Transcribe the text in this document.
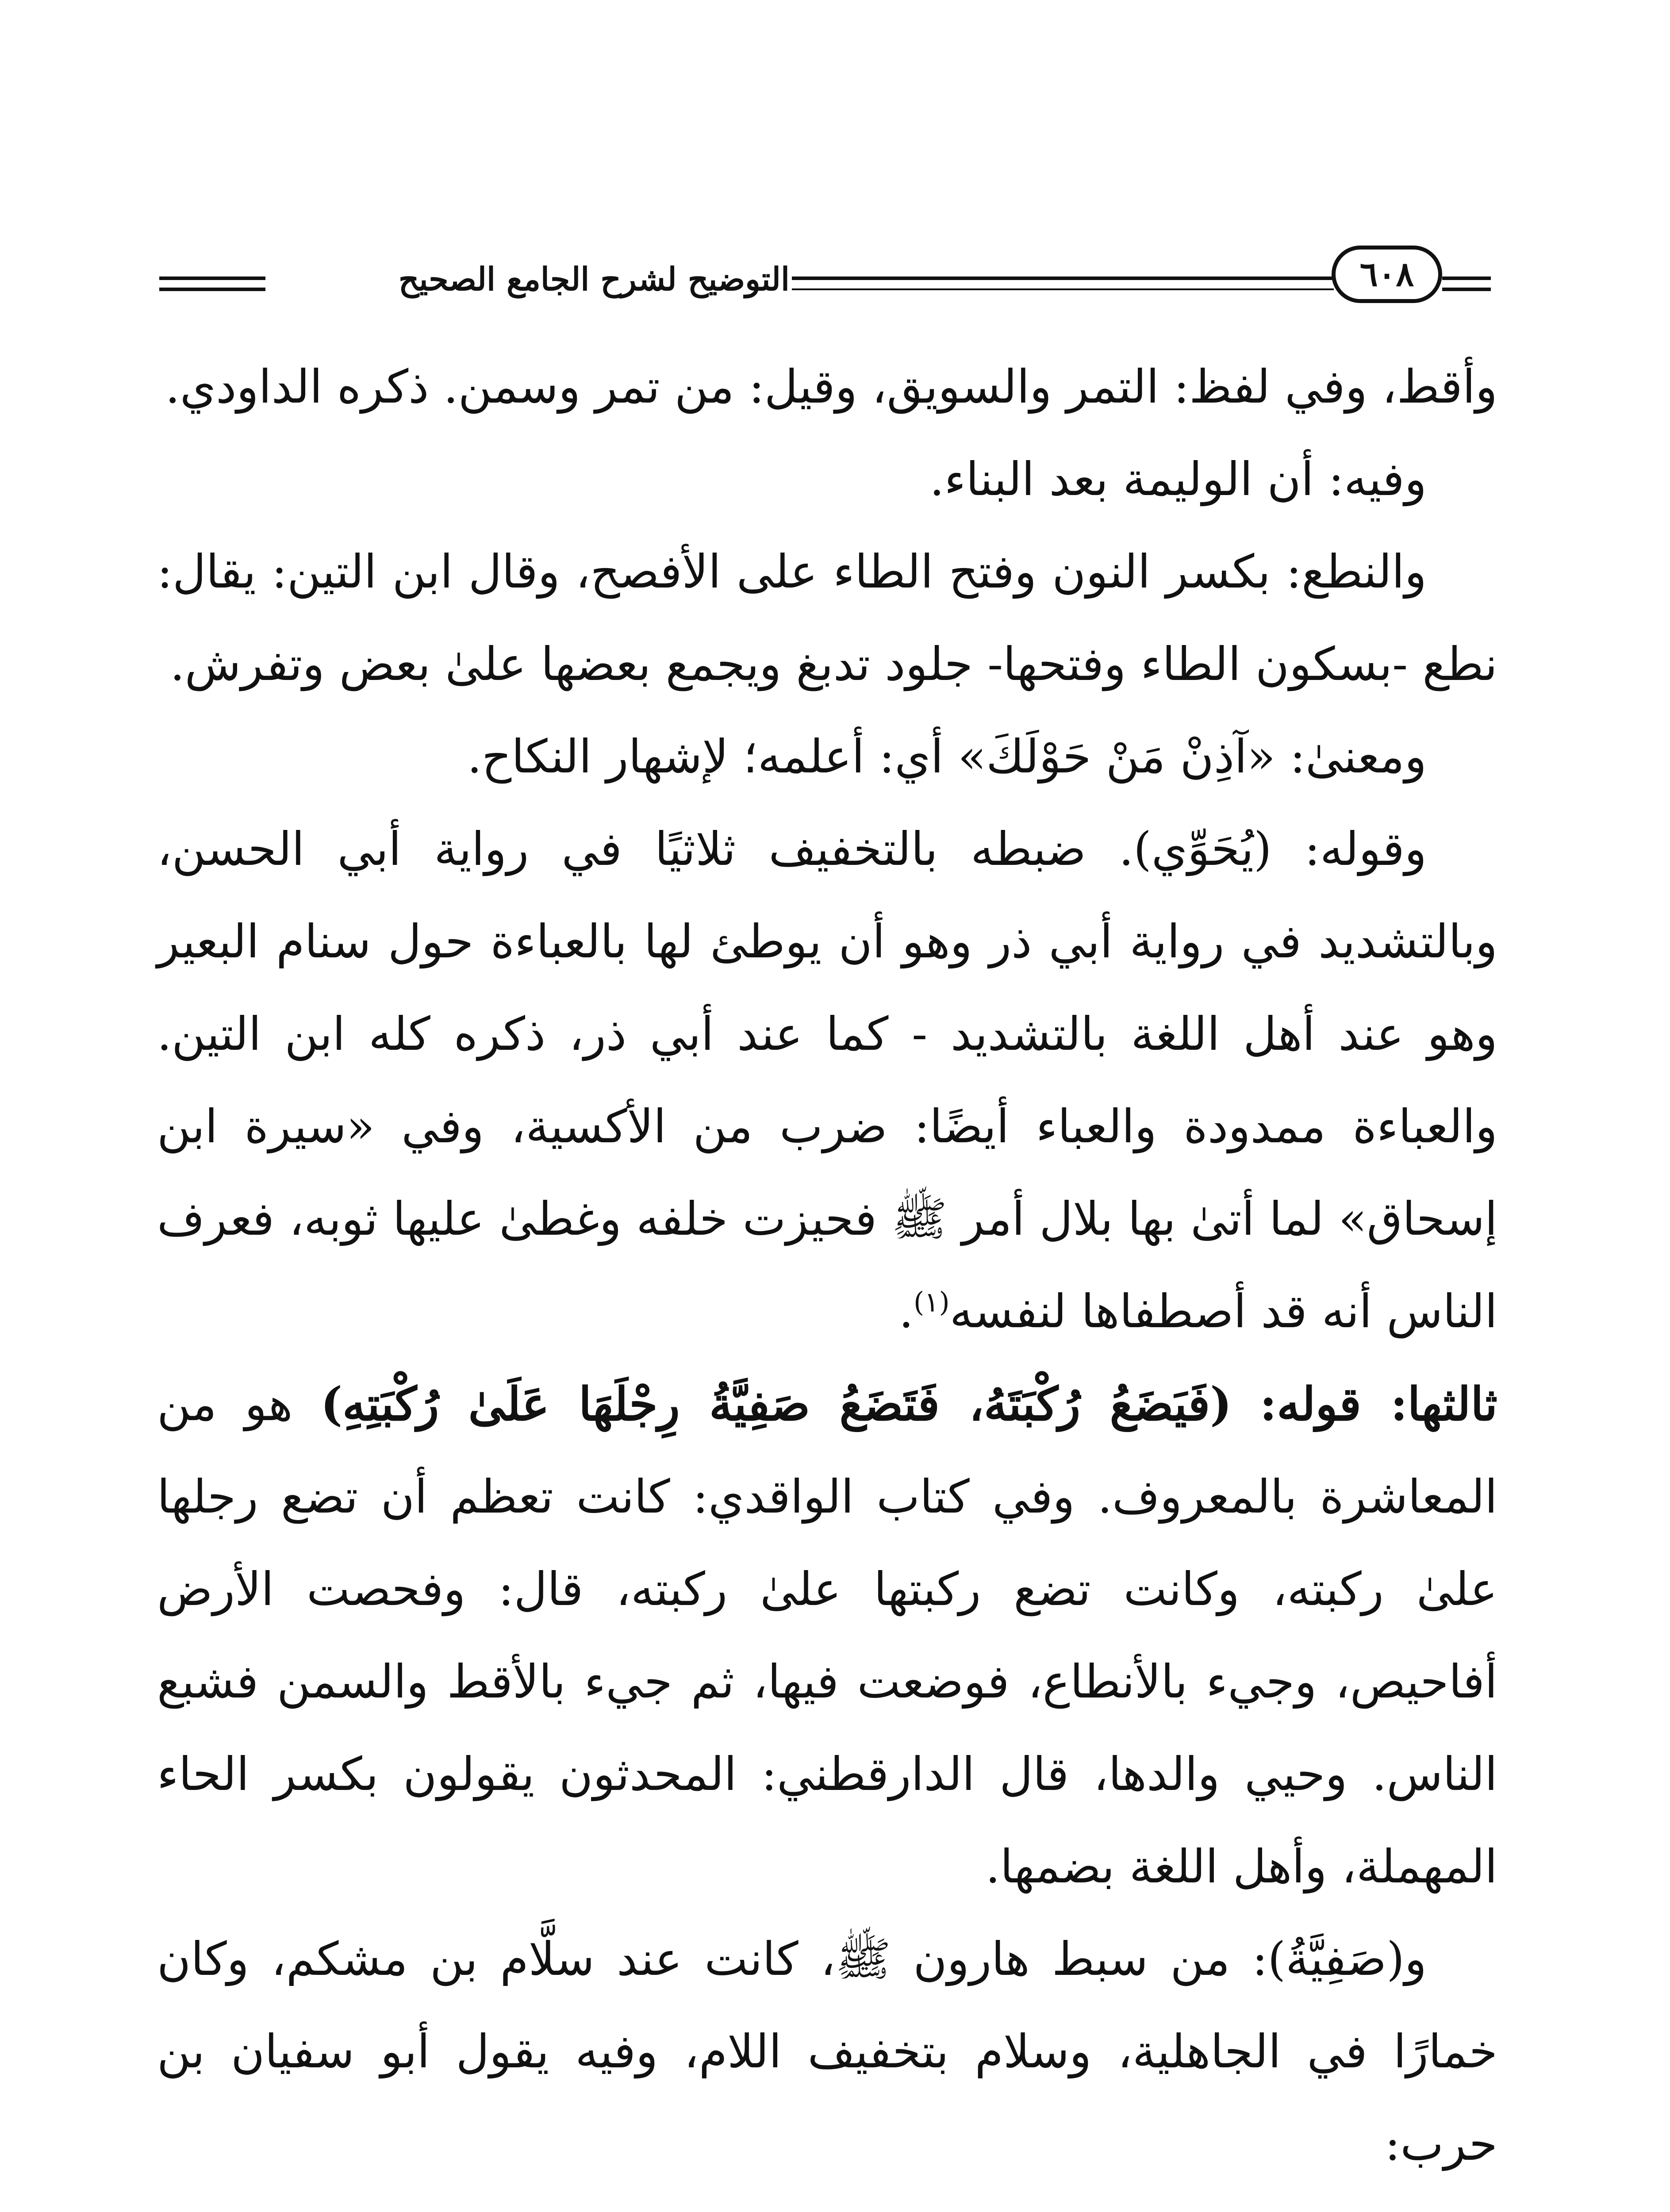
التوضيح لشرح الجامع الصحيح	٦٠٨

وأقط، وفي لفظ: التمر والسويق، وقيل: من تمر وسمن. ذكره الداودي.

وفيه: أن الوليمة بعد البناء.

والنطع: بكسر النون وفتح الطاء على الأفصح، وقال ابن التين: يقال: نطع -بسكون الطاء وفتحها- جلود تدبغ ويجمع بعضها علىٰ بعض وتفرش.

ومعنىٰ: «آذِنْ مَنْ حَوْلَكَ» أي: أعلمه؛ لإشهار النكاح.

وقوله: (يُحَوِّي). ضبطه بالتخفيف ثلاثيًا في رواية أبي الحسن، وبالتشديد في رواية أبي ذر وهو أن يوطئ لها بالعباءة حول سنام البعير وهو عند أهل اللغة بالتشديد - كما عند أبي ذر، ذكره كله ابن التين. والعباءة ممدودة والعباء أيضًا: ضرب من الأكسية، وفي «سيرة ابن إسحاق» لما أتىٰ بها بلال أمر ﷺ فحيزت خلفه وغطىٰ عليها ثوبه، فعرف الناس أنه قد أصطفاها لنفسه$^{(١)}$.

ثالثها: قوله: (فَيَضَعُ رُكْبَتَهُ، فَتَضَعُ صَفِيَّةُ رِجْلَهَا عَلَىٰ رُكْبَتِهِ) هو من المعاشرة بالمعروف. وفي كتاب الواقدي: كانت تعظم أن تضع رجلها علىٰ ركبته، وكانت تضع ركبتها علىٰ ركبته، قال: وفحصت الأرض أفاحيص، وجيء بالأنطاع، فوضعت فيها، ثم جيء بالأقط والسمن فشبع الناس. وحيي والدها، قال الدارقطني: المحدثون يقولون بكسر الحاء المهملة، وأهل اللغة بضمها.

و(صَفِيَّةُ): من سبط هارون ﷺ، كانت عند سلَّام بن مشكم، وكان خمارًا في الجاهلية، وسلام بتخفيف اللام، وفيه يقول أبو سفيان بن حرب:
